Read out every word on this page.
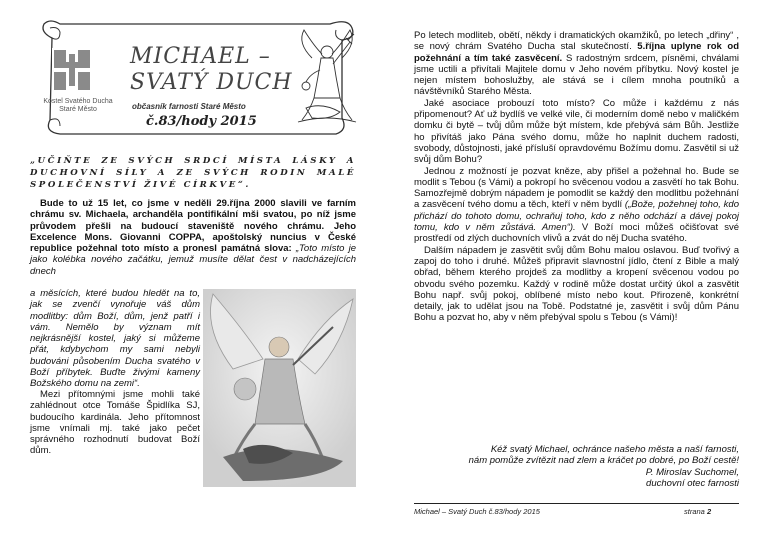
Kostel Svatého Ducha Staré Město
MICHAEL –
SVATÝ DUCH
občasník farnosti Staré Město
č.83/hody 2015
„UČIŇTE ZE SVÝCH SRDCÍ MÍSTA LÁSKY A DUCHOVNÍ SÍLY A ZE SVÝCH RODIN MALÉ SPOLEČENSTVÍ ŽIVÉ CÍRKVE“.
Bude to už 15 let, co jsme v neděli 29.října 2000 slavili ve farním chrámu sv. Michaela, archanděla pontifikální mši svatou, po níž jsme průvodem přešli na budoucí staveniště nového chrámu. Jeho Excelence Mons. Giovanni COPPA, apoštolský nuncius v České republice požehnal toto místo a pronesl památná slova: „Toto místo je jako kolébka nového začátku, jemuž musíte dělat čest v nadcházejících dnech
a měsících, které budou hledět na to, jak se zvenčí vynořuje váš dům modlitby: dům Boží, dům, jenž patří i vám. Nemělo by význam mít nejkrásnější kostel, jaký si můžeme přát, kdybychom my sami nebyli budováni působením Ducha svatého v Boží příbytek. Buďte živými kameny Božského domu na zemi“.
Mezi přítomnými jsme mohli také zahlédnout otce Tomáše Špidlíka SJ, budoucího kardinála. Jeho přítomnost jsme vnímali mj. také jako pečet správného rozhodnutí budovat Boží dům.

Po letech modliteb, obětí, někdy i dramatických okamžiků, po letech „dřiny“ , se nový chrám Svatého Ducha stal skutečností. 5.října uplyne rok od požehnání a tím také zasvěcení. S radostným srdcem, písněmi, chválami jsme uctili a přivítali Majitele domu v Jeho novém příbytku. Nový kostel je nejen místem bohoslužby, ale stává se i cílem mnoha poutníků a návštěvníků Starého Města.

Jaké asociace probouzí toto místo? Co může i každému z nás připomenout? Ať už bydlíš ve velké vile, či moderním domě nebo v maličkém domku či bytě – tvůj dům může být místem, kde přebývá sám Bůh. Jestliže ho přivítáš jako Pána svého domu, může ho naplnit duchem radosti, svobody, důstojnosti, jaké přísluší opravdovému Božímu domu. Zasvětil si už svůj dům Bohu?

Jednou z možností je pozvat kněze, aby přišel a požehnal ho. Bude se modlit s Tebou (s Vámi) a pokropí ho svěcenou vodou a zasvětí ho tak Bohu. Samozřejmě dobrým nápadem je pomodlit se každý den modlitbu požehnání a zasvěcení tvého domu a těch, kteří v něm bydlí („Bože, požehnej toho, kdo přichází do tohoto domu, ochraňuj toho, kdo z něho odchází a dávej pokoj tomu, kdo v něm zůstává. Amen“). V Boží moci můžeš očišťovat své prostředí od zlých duchovních vlivů a zvát do něj Ducha svatého.

Dalším nápadem je zasvětit svůj dům Bohu malou oslavou. Buď tvořivý a zapoj do toho i druhé. Můžeš připravit slavnostní jídlo, čtení z Bible a malý obřad, během kterého projdeš za modlitby a kropení svěcenou vodou po obvodu svého pozemku. Každý v rodině může dostat určitý úkol a zasvětit Bohu např. svůj pokoj, oblíbené místo nebo kout. Přirozeně, konkrétní detaily, jak to udělat jsou na Tobě. Podstatné je, zasvětit i svůj dům Pánu Bohu a pozvat ho, aby v něm přebýval spolu s Tebou (s Vámi)!

Kéž svatý Michael, ochránce našeho města a naší farnosti,
nám pomůže zvítězit nad zlem a kráčet po dobré, po Boží cestě!
P. Miroslav Suchomel,
duchovní otec farnosti
Michael – Svatý Duch č.83/hody 2015	strana 2
